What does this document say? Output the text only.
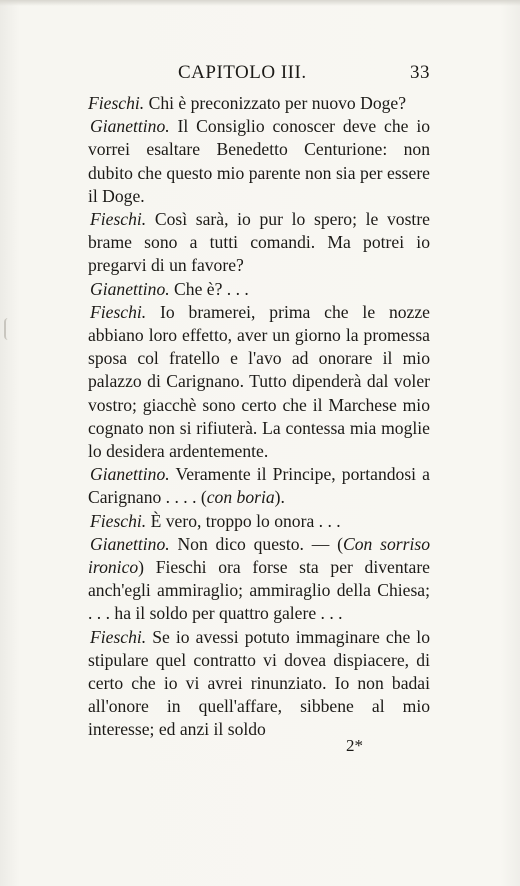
CAPITOLO III.	33

Fieschi. Chi è preconizzato per nuovo Doge?

Gianettino. Il Consiglio conoscer deve che io vorrei esaltare Benedetto Centurione: non dubito che questo mio parente non sia per essere il Doge.

Fieschi. Così sarà, io pur lo spero; le vostre brame sono a tutti comandi. Ma potrei io pregarvi di un favore?

Gianettino. Che è? . . .

Fieschi. Io bramerei, prima che le nozze abbiano loro effetto, aver un giorno la promessa sposa col fratello e l'avo ad onorare il mio palazzo di Carignano. Tutto dipenderà dal voler vostro; giacchè sono certo che il Marchese mio cognato non si rifiuterà. La contessa mia moglie lo desidera ardentemente.

Gianettino. Veramente il Principe, portandosi a Carignano . . . . (con boria).

Fieschi. È vero, troppo lo onora . . .

Gianettino. Non dico questo. — (Con sorriso ironico) Fieschi ora forse sta per diventare anch'egli ammiraglio; ammiraglio della Chiesa; . . . ha il soldo per quattro galere . . .

Fieschi. Se io avessi potuto immaginare che lo stipulare quel contratto vi dovea dispiacere, di certo che io vi avrei rinunziato. Io non badai all'onore in quell'affare, sibbene al mio interesse; ed anzi il soldo

2*
